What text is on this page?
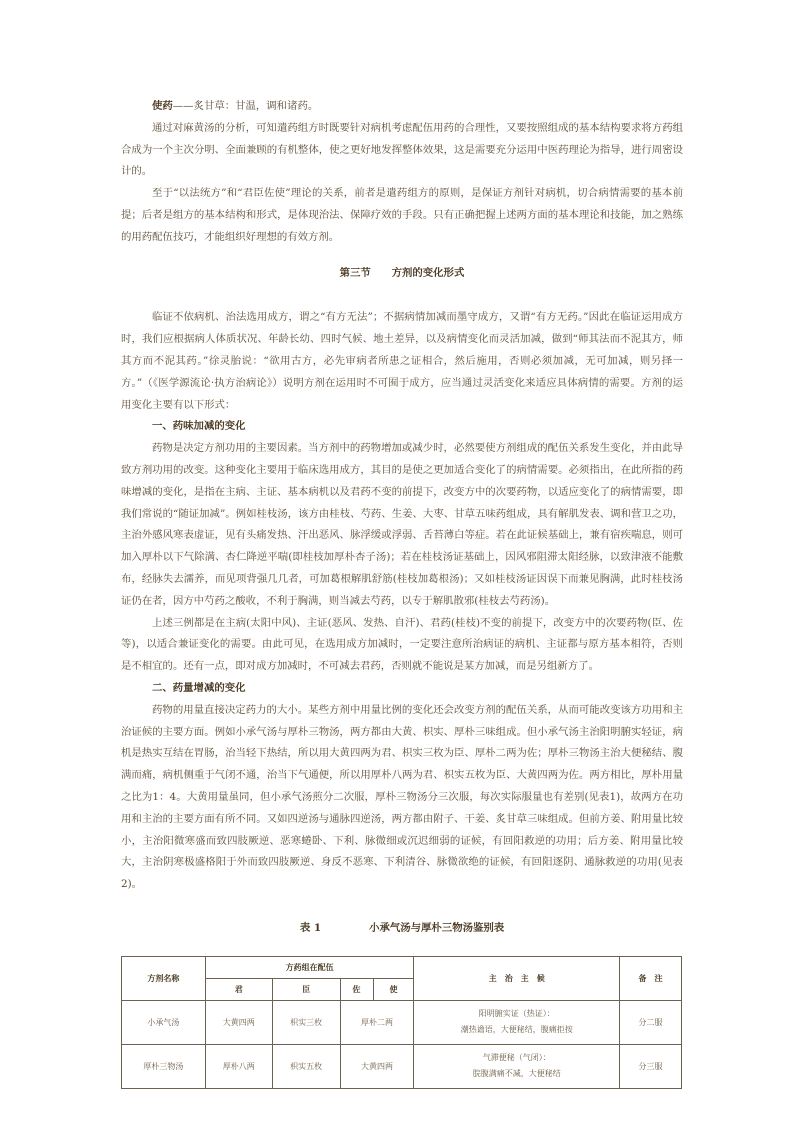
使药——炙甘草：甘温，调和诸药。

通过对麻黄汤的分析，可知遣药组方时既要针对病机考虑配伍用药的合理性，又要按照组成的基本结构要求将方药组合成为一个主次分明、全面兼顾的有机整体，使之更好地发挥整体效果，这是需要充分运用中医药理论为指导，进行周密设计的。

至于“以法统方”和“君臣佐使”理论的关系，前者是遣药组方的原则，是保证方剂针对病机，切合病情需要的基本前提；后者是组方的基本结构和形式，是体现治法、保障疗效的手段。只有正确把握上述两方面的基本理论和技能，加之熟练的用药配伍技巧，才能组织好理想的有效方剂。

第三节　　方剂的变化形式

临证不依病机、治法选用成方，谓之“有方无法”；不据病情加减而墨守成方，又谓“有方无药。”因此在临证运用成方时，我们应根据病人体质状况、年龄长幼、四时气候、地土差异，以及病情变化而灵活加减，做到“师其法而不泥其方，师其方而不泥其药。”徐灵胎说：“欲用古方，必先审病者所患之证相合，然后施用，否则必须加减，无可加减，则另择一方。”（《医学源流论·执方治病论》）说明方剂在运用时不可囿于成方，应当通过灵活变化来适应具体病情的需要。方剂的运用变化主要有以下形式：

一、药味加减的变化

药物是决定方剂功用的主要因素。当方剂中的药物增加或减少时，必然要使方剂组成的配伍关系发生变化，并由此导致方剂功用的改变。这种变化主要用于临床选用成方，其目的是使之更加适合变化了的病情需要。必须指出，在此所指的药味增减的变化，是指在主病、主证、基本病机以及君药不变的前提下，改变方中的次要药物，以适应变化了的病情需要，即我们常说的“随证加减”。例如桂枝汤，该方由桂枝、芍药、生姜、大枣、甘草五味药组成，具有解肌发表、调和营卫之功，主治外感风寒表虚证，见有头痛发热、汗出恶风、脉浮缓或浮弱、舌苔薄白等症。若在此证候基础上，兼有宿疾喘息，则可加入厚朴以下气除满、杏仁降逆平喘(即桂枝加厚朴杏子汤)；若在桂枝汤证基础上，因风邪阻滞太阳经脉，以致津液不能敷布，经脉失去濡养，而见项背强几几者，可加葛根解肌舒筋(桂枝加葛根汤)；又如桂枝汤证因误下而兼见胸满，此时桂枝汤证仍在者，因方中芍药之酸收，不利于胸满，则当减去芍药，以专于解肌散邪(桂枝去芍药汤)。

上述三例都是在主病(太阳中风)、主证(恶风、发热、自汗)、君药(桂枝)不变的前提下，改变方中的次要药物(臣、佐等)，以适合兼证变化的需要。由此可见，在选用成方加减时，一定要注意所治病证的病机、主证都与原方基本相符，否则是不相宜的。还有一点，即对成方加减时，不可减去君药，否则就不能说是某方加减，而是另组新方了。

二、药量增减的变化

药物的用量直接决定药力的大小。某些方剂中用量比例的变化还会改变方剂的配伍关系，从而可能改变该方功用和主治证候的主要方面。例如小承气汤与厚朴三物汤，两方都由大黄、枳实、厚朴三味组成。但小承气汤主治阳明腑实轻证，病机是热实互结在胃肠，治当轻下热结，所以用大黄四两为君、枳实三枚为臣、厚朴二两为佐；厚朴三物汤主治大便秘结、腹满而痛，病机侧重于气闭不通，治当下气通便，所以用厚朴八两为君、枳实五枚为臣、大黄四两为佐。两方相比，厚朴用量之比为1：4。大黄用量虽同，但小承气汤煎分二次服，厚朴三物汤分三次服，每次实际服量也有差别(见表1)，故两方在功用和主治的主要方面有所不同。又如四逆汤与通脉四逆汤，两方都由附子、干姜、炙甘草三味组成。但前方姜、附用量比较小，主治阳微寒盛而致四肢厥逆、恶寒蜷卧、下利、脉微细或沉迟细弱的证候，有回阳救逆的功用；后方姜、附用量比较大，主治阴寒极盛格阳于外而致四肢厥逆、身反不恶寒、下利清谷、脉微欲绝的证候，有回阳逐阴、通脉救逆的功用(见表2)。

表 1	小承气汤与厚朴三物汤鉴别表
方剂名称	方药组在配伍				主　治　主　候	备　注
	君	臣	佐	使		
小承气汤	大黄四两	枳实三枚	厚朴二两		阳明腑实证（热证）：
潮热谵语，大便秘结，腹痛拒按	分二服
厚朴三物汤	厚朴八两	枳实五枚	大黄四两		气滞便秘（气闭）：
脘腹满痛不减，大便秘结	分三服
